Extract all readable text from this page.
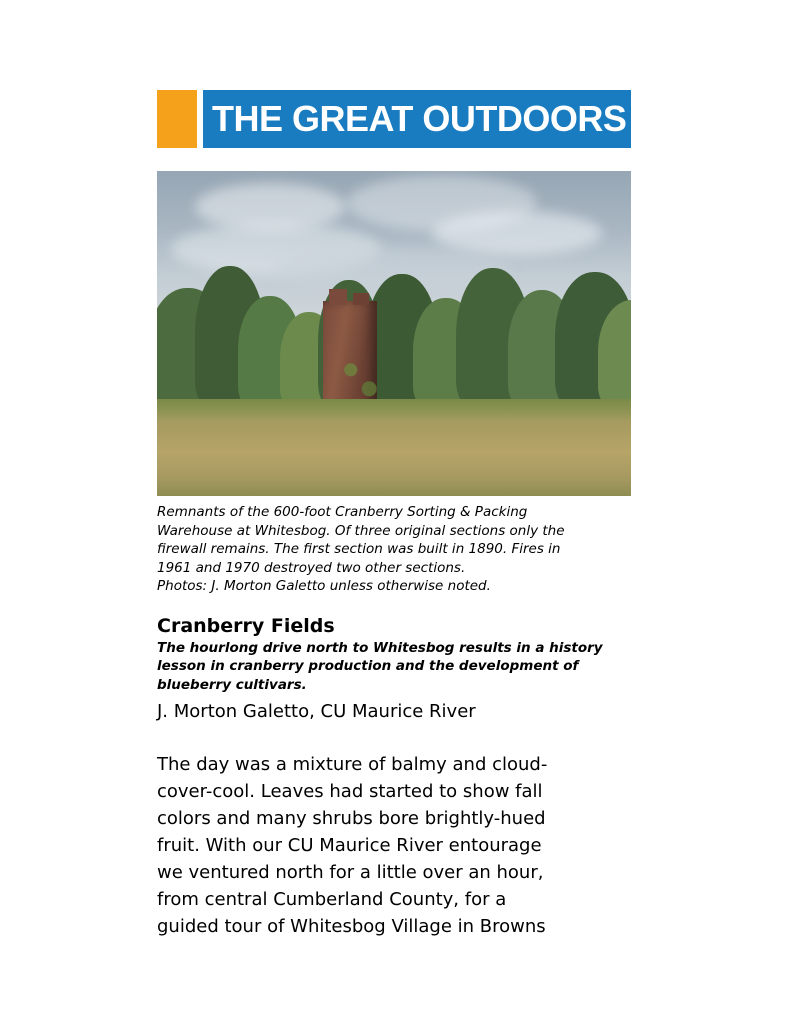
THE GREAT OUTDOORS
Remnants of the 600-foot Cranberry Sorting & Packing
Warehouse at Whitesbog. Of three original sections only the
firewall remains. The first section was built in 1890. Fires in
1961 and 1970 destroyed two other sections.
Photos: J. Morton Galetto unless otherwise noted.
Cranberry Fields
The hourlong drive north to Whitesbog results in a history
lesson in cranberry production and the development of
blueberry cultivars.
J. Morton Galetto, CU Maurice River
The day was a mixture of balmy and cloud-
cover-cool. Leaves had started to show fall
colors and many shrubs bore brightly-hued
fruit. With our CU Maurice River entourage
we ventured north for a little over an hour,
from central Cumberland County, for a
guided tour of Whitesbog Village in Browns
